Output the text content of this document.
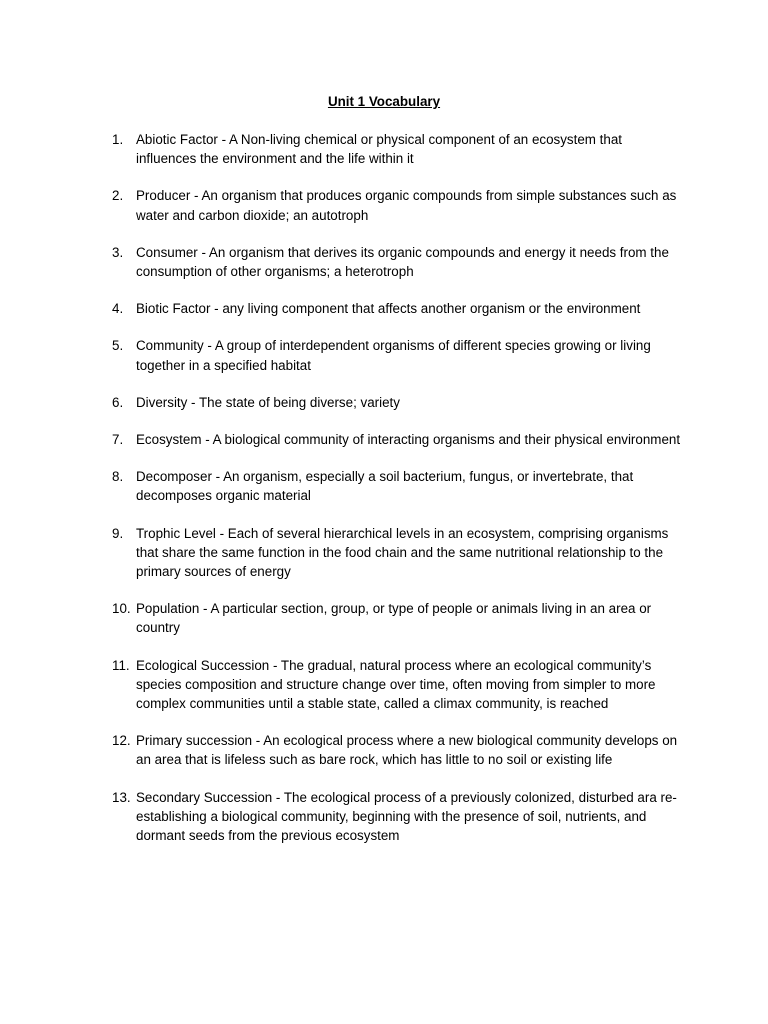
Unit 1 Vocabulary
1. Abiotic Factor - A Non-living chemical or physical component of an ecosystem that influences the environment and the life within it
2. Producer - An organism that produces organic compounds from simple substances such as water and carbon dioxide; an autotroph
3. Consumer - An organism that derives its organic compounds and energy it needs from the consumption of other organisms; a heterotroph
4. Biotic Factor - any living component that affects another organism or the environment
5. Community - A group of interdependent organisms of different species growing or living together in a specified habitat
6. Diversity - The state of being diverse; variety
7. Ecosystem - A biological community of interacting organisms and their physical environment
8. Decomposer - An organism, especially a soil bacterium, fungus, or invertebrate, that decomposes organic material
9. Trophic Level - Each of several hierarchical levels in an ecosystem, comprising organisms that share the same function in the food chain and the same nutritional relationship to the primary sources of energy
10. Population - A particular section, group, or type of people or animals living in an area or country
11. Ecological Succession - The gradual, natural process where an ecological community’s species composition and structure change over time, often moving from simpler to more complex communities until a stable state, called a climax community, is reached
12. Primary succession - An ecological process where a new biological community develops on an area that is lifeless such as bare rock, which has little to no soil or existing life
13. Secondary Succession - The ecological process of a previously colonized, disturbed ara re-establishing a biological community, beginning with the presence of soil, nutrients, and dormant seeds from the previous ecosystem
